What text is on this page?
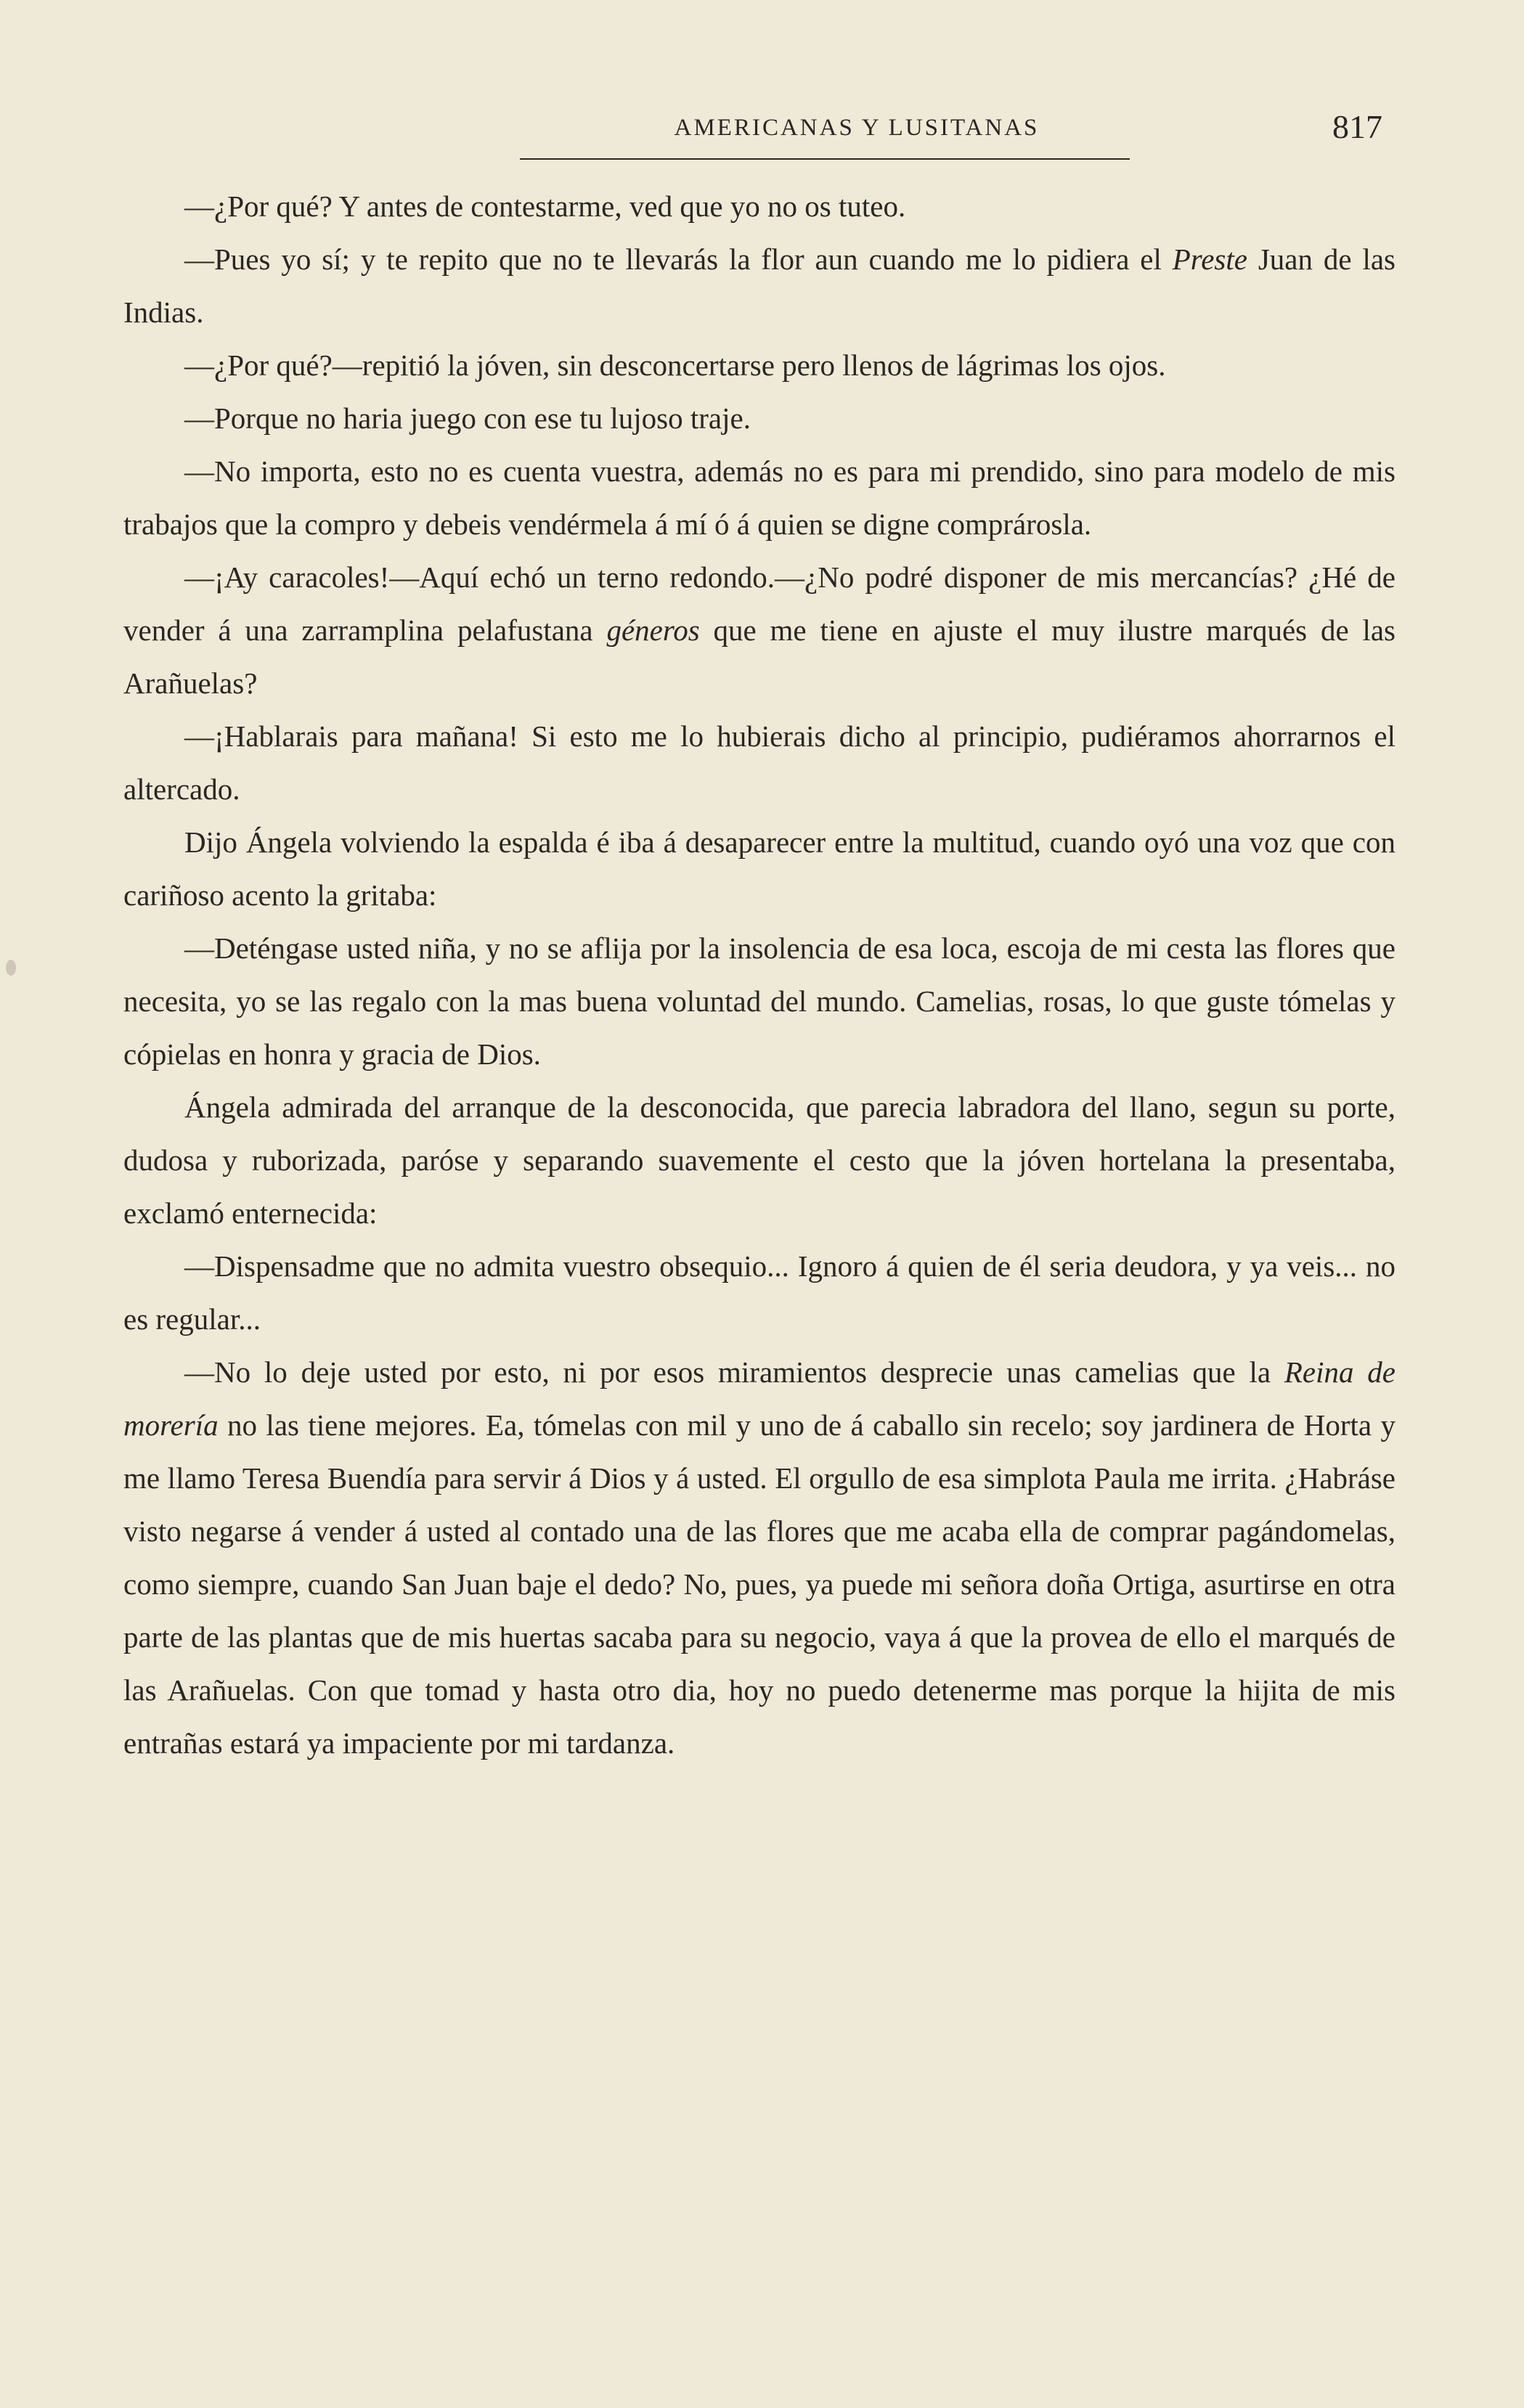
AMERICANAS Y LUSITANAS	817

—¿Por qué? Y antes de contestarme, ved que yo no os tuteo.

—Pues yo sí; y te repito que no te llevarás la flor aun cuando me lo pidiera el Preste Juan de las Indias.

—¿Por qué?—repitió la jóven, sin desconcertarse pero llenos de lágrimas los ojos.

—Porque no haria juego con ese tu lujoso traje.

—No importa, esto no es cuenta vuestra, además no es para mi prendido, sino para modelo de mis trabajos que la compro y debeis vendérmela á mí ó á quien se digne comprárosla.

—¡Ay caracoles!—Aquí echó un terno redondo.—¿No podré disponer de mis mercancías? ¿Hé de vender á una zarramplina pelafustana géneros que me tiene en ajuste el muy ilustre marqués de las Arañuelas?

—¡Hablarais para mañana! Si esto me lo hubierais dicho al principio, pudiéramos ahorrarnos el altercado.

Dijo Ángela volviendo la espalda é iba á desaparecer entre la multitud, cuando oyó una voz que con cariñoso acento la gritaba:

—Deténgase usted niña, y no se aflija por la insolencia de esa loca, escoja de mi cesta las flores que necesita, yo se las regalo con la mas buena voluntad del mundo. Camelias, rosas, lo que guste tómelas y cópielas en honra y gracia de Dios.

Ángela admirada del arranque de la desconocida, que parecia labradora del llano, segun su porte, dudosa y ruborizada, paróse y separando suavemente el cesto que la jóven hortelana la presentaba, exclamó enternecida:

—Dispensadme que no admita vuestro obsequio... Ignoro á quien de él seria deudora, y ya veis... no es regular...

—No lo deje usted por esto, ni por esos miramientos desprecie unas camelias que la Reina de morería no las tiene mejores. Ea, tómelas con mil y uno de á caballo sin recelo; soy jardinera de Horta y me llamo Teresa Buendía para servir á Dios y á usted. El orgullo de esa simplota Paula me irrita. ¿Habráse visto negarse á vender á usted al contado una de las flores que me acaba ella de comprar pagándomelas, como siempre, cuando San Juan baje el dedo? No, pues, ya puede mi señora doña Ortiga, asurtirse en otra parte de las plantas que de mis huertas sacaba para su negocio, vaya á que la provea de ello el marqués de las Arañuelas. Con que tomad y hasta otro dia, hoy no puedo detenerme mas porque la hijita de mis entrañas estará ya impaciente por mi tardanza.
